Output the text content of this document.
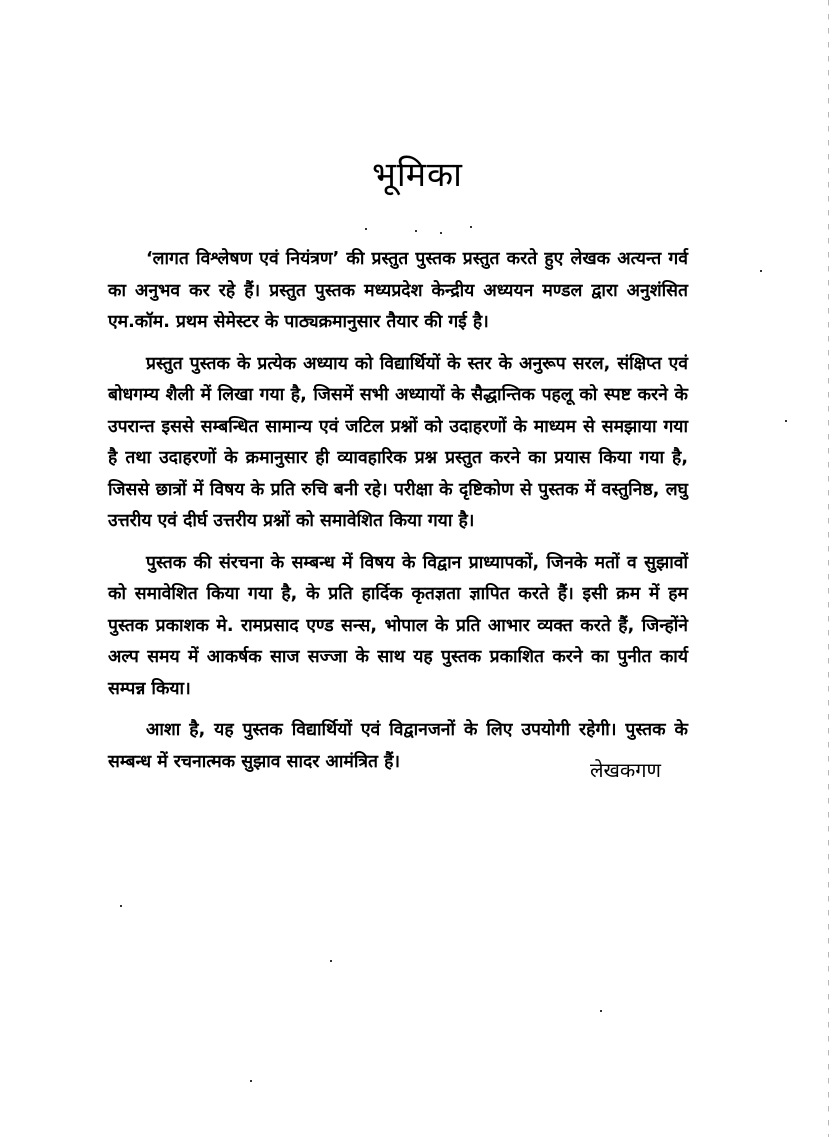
भूमिका

‘लागत विश्लेषण एवं नियंत्रण’ की प्रस्तुत पुस्तक प्रस्तुत करते हुए लेखक अत्यन्त गर्व का अनुभव कर रहे हैं। प्रस्तुत पुस्तक मध्यप्रदेश केन्द्रीय अध्ययन मण्डल द्वारा अनुशंसित एम.कॉम. प्रथम सेमेस्टर के पाठ्यक्रमानुसार तैयार की गई है।

प्रस्तुत पुस्तक के प्रत्येक अध्याय को विद्यार्थियों के स्तर के अनुरूप सरल, संक्षिप्त एवं बोधगम्य शैली में लिखा गया है, जिसमें सभी अध्यायों के सैद्धान्तिक पहलू को स्पष्ट करने के उपरान्त इससे सम्बन्धित सामान्य एवं जटिल प्रश्नों को उदाहरणों के माध्यम से समझाया गया है तथा उदाहरणों के क्रमानुसार ही व्यावहारिक प्रश्न प्रस्तुत करने का प्रयास किया गया है, जिससे छात्रों में विषय के प्रति रुचि बनी रहे। परीक्षा के दृष्टिकोण से पुस्तक में वस्तुनिष्ठ, लघु उत्तरीय एवं दीर्घ उत्तरीय प्रश्नों को समावेशित किया गया है।

पुस्तक की संरचना के सम्बन्ध में विषय के विद्वान प्राध्यापकों, जिनके मतों व सुझावों को समावेशित किया गया है, के प्रति हार्दिक कृतज्ञता ज्ञापित करते हैं। इसी क्रम में हम पुस्तक प्रकाशक मे. रामप्रसाद एण्ड सन्स, भोपाल के प्रति आभार व्यक्त करते हैं, जिन्होंने अल्प समय में आकर्षक साज सज्जा के साथ यह पुस्तक प्रकाशित करने का पुनीत कार्य सम्पन्न किया।

आशा है, यह पुस्तक विद्यार्थियों एवं विद्वानजनों के लिए उपयोगी रहेगी। पुस्तक के सम्बन्ध में रचनात्मक सुझाव सादर आमंत्रित हैं।	लेखकगण
